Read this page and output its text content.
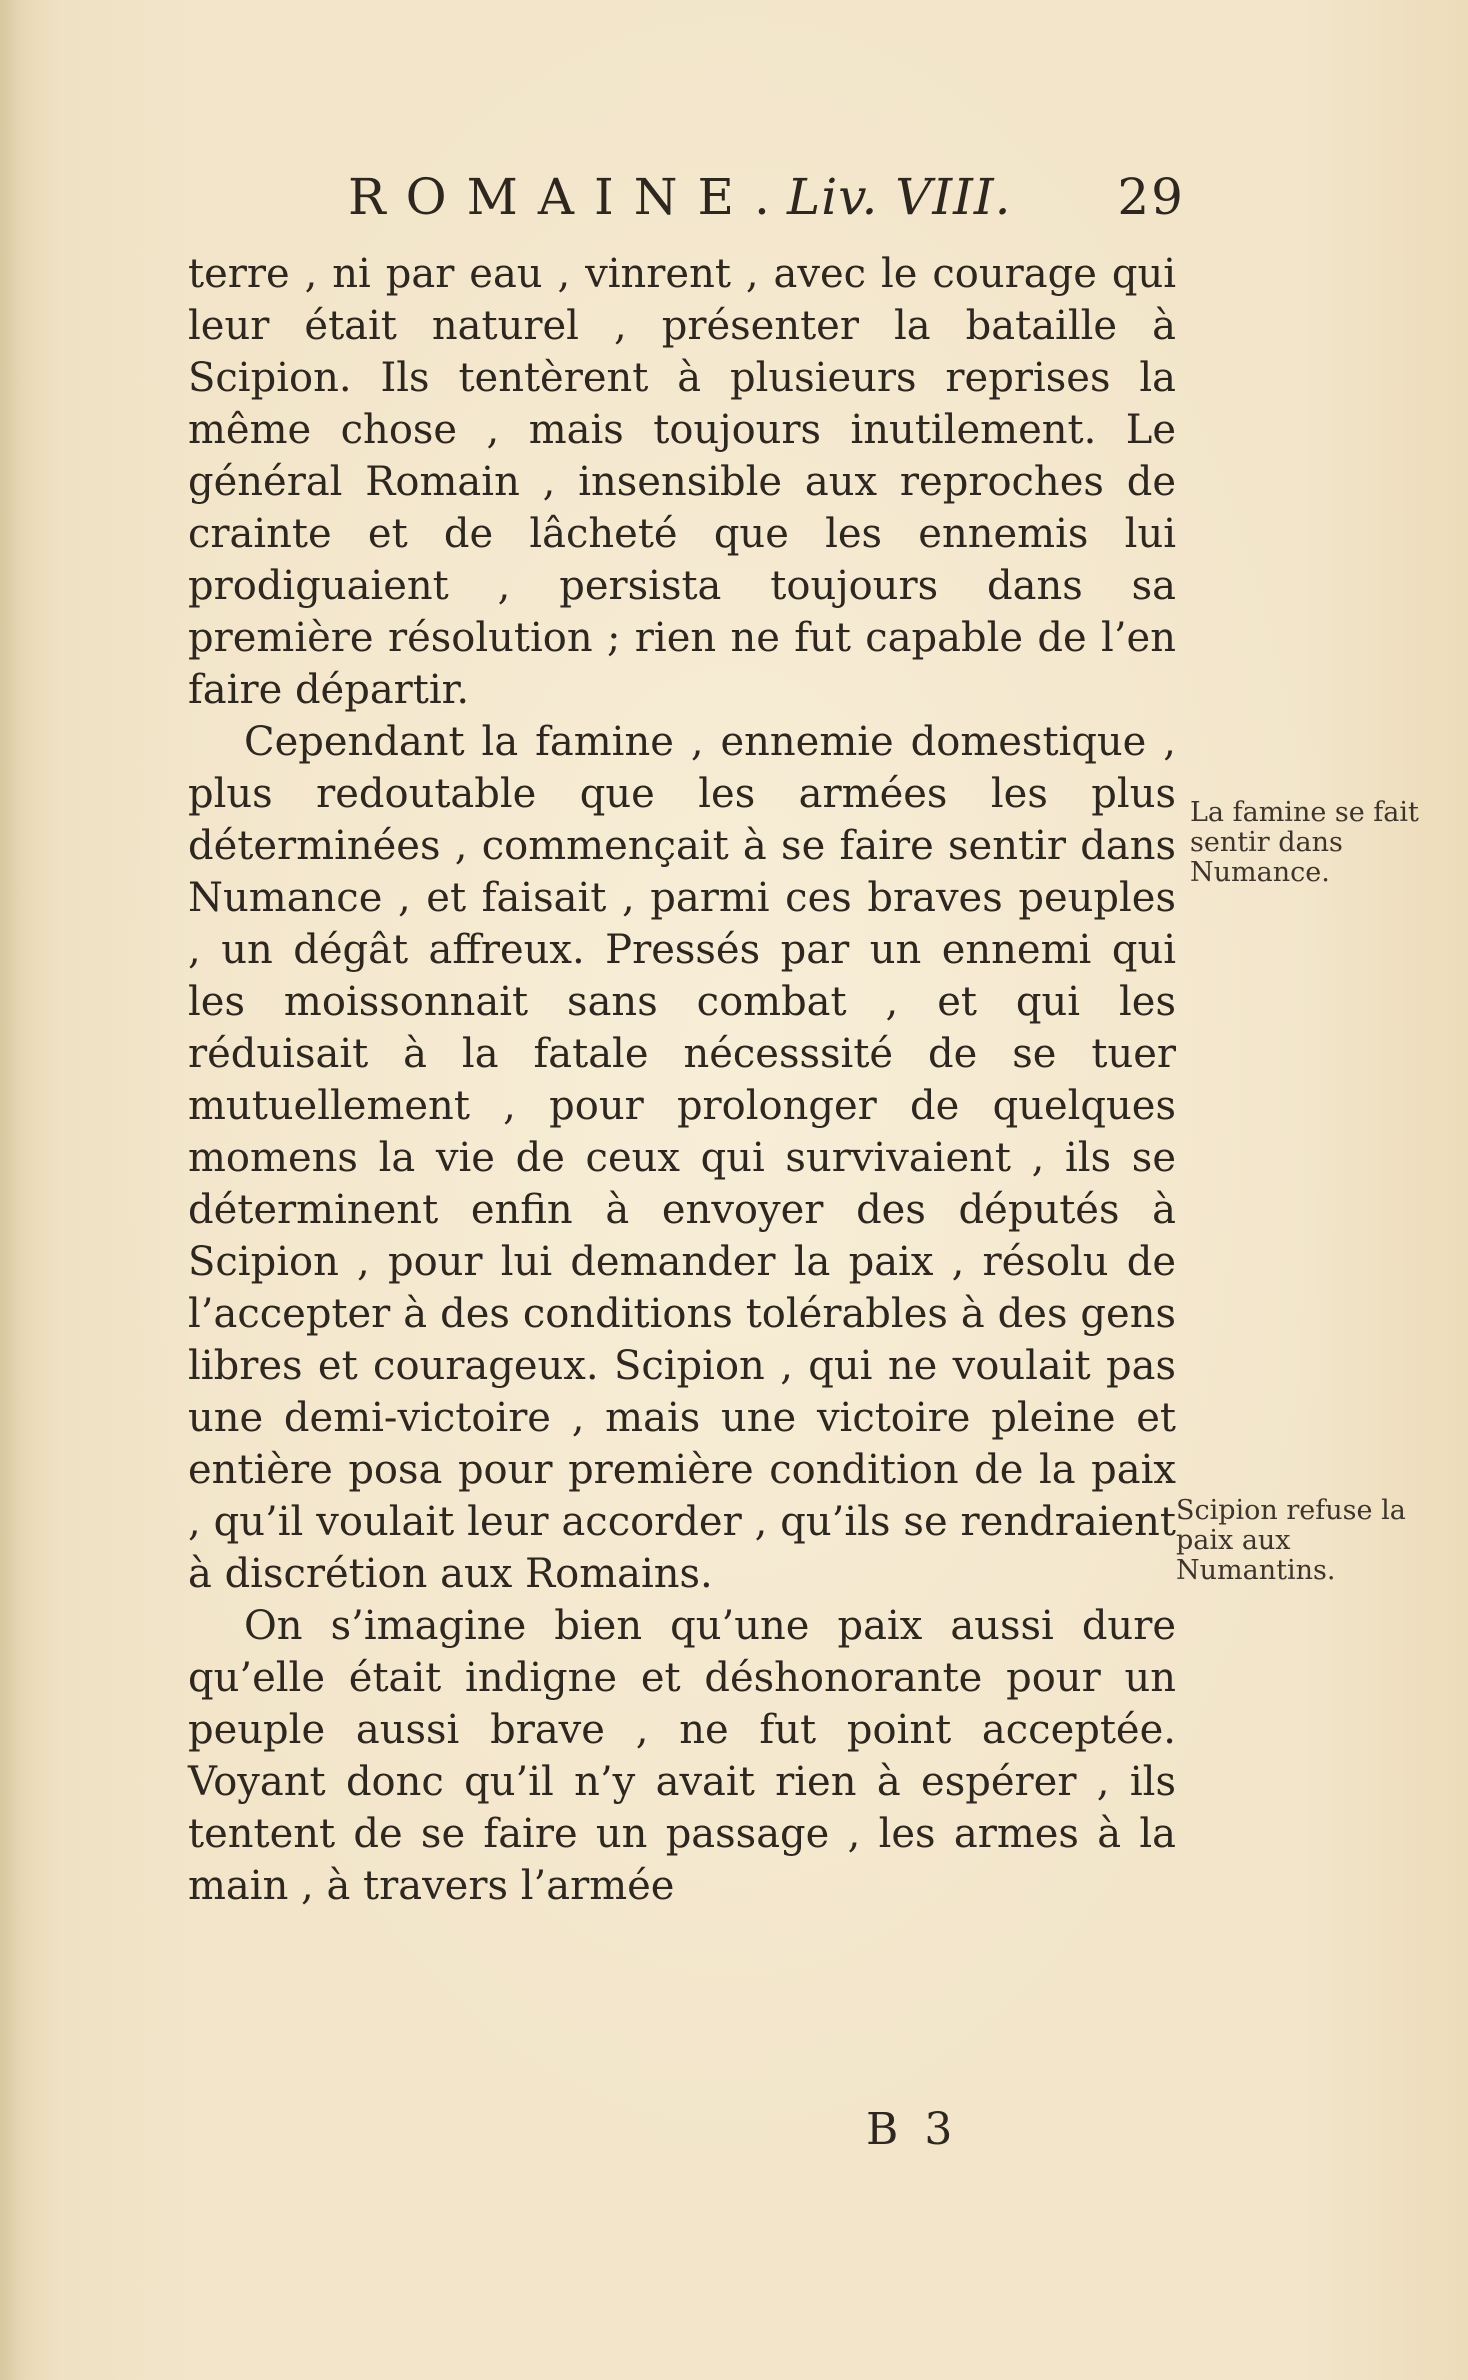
ROMAINE.
Liv. VIII. 29

terre , ni par eau , vinrent , avec le courage qui leur était naturel , présenter la bataille à Scipion. Ils tentèrent à plusieurs reprises la même chose , mais toujours inutilement. Le général Romain , insensible aux reproches de crainte et de lâcheté que les ennemis lui prodiguaient , persista toujours dans sa première résolution ; rien ne fut capable de l’en faire départir.

Cependant la famine , ennemie domestique , plus redoutable que les armées les plus déterminées , commençait à se faire sentir dans Numance , et faisait , parmi ces braves peuples , un dégât affreux. Pressés par un ennemi qui les moissonnait sans combat , et qui les réduisait à la fatale nécesssité de se tuer mutuellement , pour prolonger de quelques momens la vie de ceux qui survivaient , ils se déterminent enfin à envoyer des députés à Scipion , pour lui demander la paix , résolu de l’accepter à des conditions tolérables à des gens libres et courageux. Scipion , qui ne voulait pas une demi-victoire , mais une victoire pleine et entière posa pour première condition de la paix , qu’il voulait leur accorder , qu’ils se rendraient à discrétion aux Romains.

On s’imagine bien qu’une paix aussi dure qu’elle était indigne et déshonorante pour un peuple aussi brave , ne fut point acceptée. Voyant donc qu’il n’y avait rien à espérer , ils tentent de se faire un passage , les armes à la main , à travers l’armée

La famine se fait sentir dans Numance.
Scipion refuse la paix aux Numantins.
B 3
